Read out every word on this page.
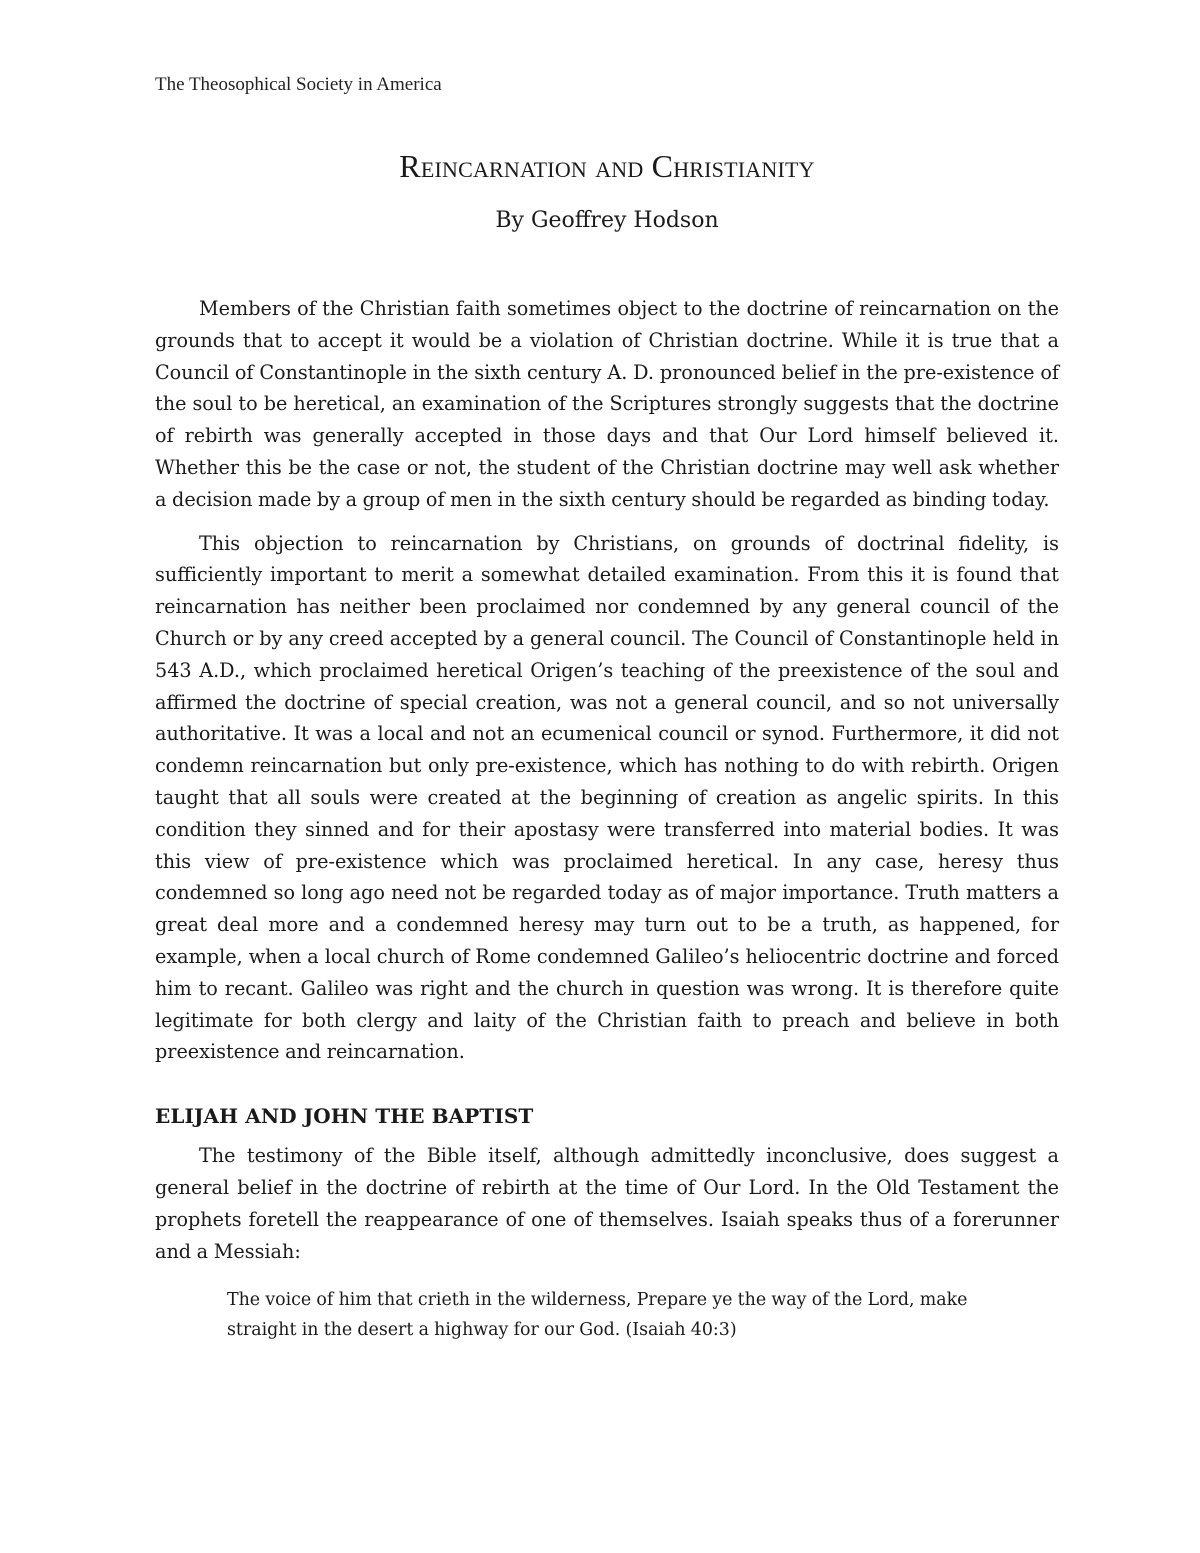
The Theosophical Society in America
Reincarnation and Christianity
By Geoffrey Hodson

Members of the Christian faith sometimes object to the doctrine of reincarnation on the grounds that to accept it would be a violation of Christian doctrine. While it is true that a Council of Constantinople in the sixth century A. D. pronounced belief in the pre-existence of the soul to be heretical, an examination of the Scriptures strongly suggests that the doctrine of rebirth was generally accepted in those days and that Our Lord himself believed it. Whether this be the case or not, the student of the Christian doctrine may well ask whether a decision made by a group of men in the sixth century should be regarded as binding today.

This objection to reincarnation by Christians, on grounds of doctrinal fidelity, is sufficiently important to merit a somewhat detailed examination. From this it is found that reincarnation has neither been proclaimed nor condemned by any general council of the Church or by any creed accepted by a general council. The Council of Constantinople held in 543 A.D., which proclaimed heretical Origen’s teaching of the preexistence of the soul and affirmed the doctrine of special creation, was not a general council, and so not universally authoritative. It was a local and not an ecumenical council or synod. Furthermore, it did not condemn reincarnation but only pre-existence, which has nothing to do with rebirth. Origen taught that all souls were created at the beginning of creation as angelic spirits. In this condition they sinned and for their apostasy were transferred into material bodies. It was this view of pre-existence which was proclaimed heretical. In any case, heresy thus condemned so long ago need not be regarded today as of major importance. Truth matters a great deal more and a condemned heresy may turn out to be a truth, as happened, for example, when a local church of Rome condemned Galileo’s heliocentric doctrine and forced him to recant. Galileo was right and the church in question was wrong. It is therefore quite legitimate for both clergy and laity of the Christian faith to preach and believe in both preexistence and reincarnation.

ELIJAH AND JOHN THE BAPTIST

The testimony of the Bible itself, although admittedly inconclusive, does suggest a general belief in the doctrine of rebirth at the time of Our Lord. In the Old Testament the prophets foretell the reappearance of one of themselves. Isaiah speaks thus of a forerunner and a Messiah:

The voice of him that crieth in the wilderness, Prepare ye the way of the Lord, make straight in the desert a highway for our God. (Isaiah 40:3)
